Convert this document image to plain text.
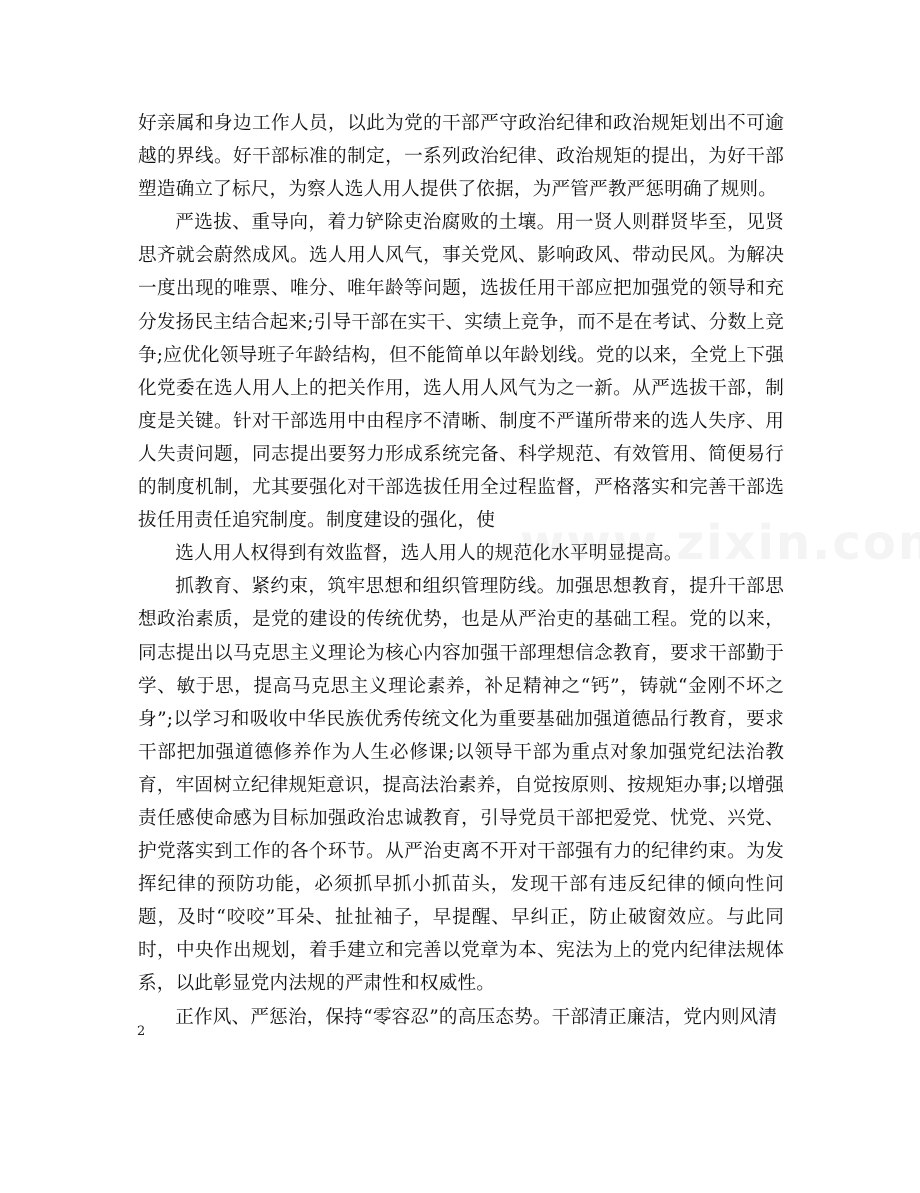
好亲属和身边工作人员，以此为党的干部严守政治纪律和政治规矩划出不可逾越的界线。好干部标准的制定，一系列政治纪律、政治规矩的提出，为好干部塑造确立了标尺，为察人选人用人提供了依据，为严管严教严惩明确了规则。

严选拔、重导向，着力铲除吏治腐败的土壤。用一贤人则群贤毕至，见贤思齐就会蔚然成风。选人用人风气，事关党风、影响政风、带动民风。为解决一度出现的唯票、唯分、唯年龄等问题，选拔任用干部应把加强党的领导和充分发扬民主结合起来;引导干部在实干、实绩上竞争，而不是在考试、分数上竞争;应优化领导班子年龄结构，但不能简单以年龄划线。党的以来，全党上下强化党委在选人用人上的把关作用，选人用人风气为之一新。从严选拔干部，制度是关键。针对干部选用中由程序不清晰、制度不严谨所带来的选人失序、用人失责问题，同志提出要努力形成系统完备、科学规范、有效管用、简便易行的制度机制，尤其要强化对干部选拔任用全过程监督，严格落实和完善干部选拔任用责任追究制度。制度建设的强化，使

选人用人权得到有效监督，选人用人的规范化水平明显提高。

抓教育、紧约束，筑牢思想和组织管理防线。加强思想教育，提升干部思想政治素质，是党的建设的传统优势，也是从严治吏的基础工程。党的以来，同志提出以马克思主义理论为核心内容加强干部理想信念教育，要求干部勤于学、敏于思，提高马克思主义理论素养，补足精神之“钙”，铸就“金刚不坏之身”;以学习和吸收中华民族优秀传统文化为重要基础加强道德品行教育，要求干部把加强道德修养作为人生必修课;以领导干部为重点对象加强党纪法治教育，牢固树立纪律规矩意识，提高法治素养，自觉按原则、按规矩办事;以增强责任感使命感为目标加强政治忠诚教育，引导党员干部把爱党、忧党、兴党、护党落实到工作的各个环节。从严治吏离不开对干部强有力的纪律约束。为发挥纪律的预防功能，必须抓早抓小抓苗头，发现干部有违反纪律的倾向性问题，及时“咬咬”耳朵、扯扯袖子，早提醒、早纠正，防止破窗效应。与此同时，中央作出规划，着手建立和完善以党章为本、宪法为上的党内纪律法规体系，以此彰显党内法规的严肃性和权威性。

正作风、严惩治，保持“零容忍”的高压态势。干部清正廉洁，党内则风清

2
